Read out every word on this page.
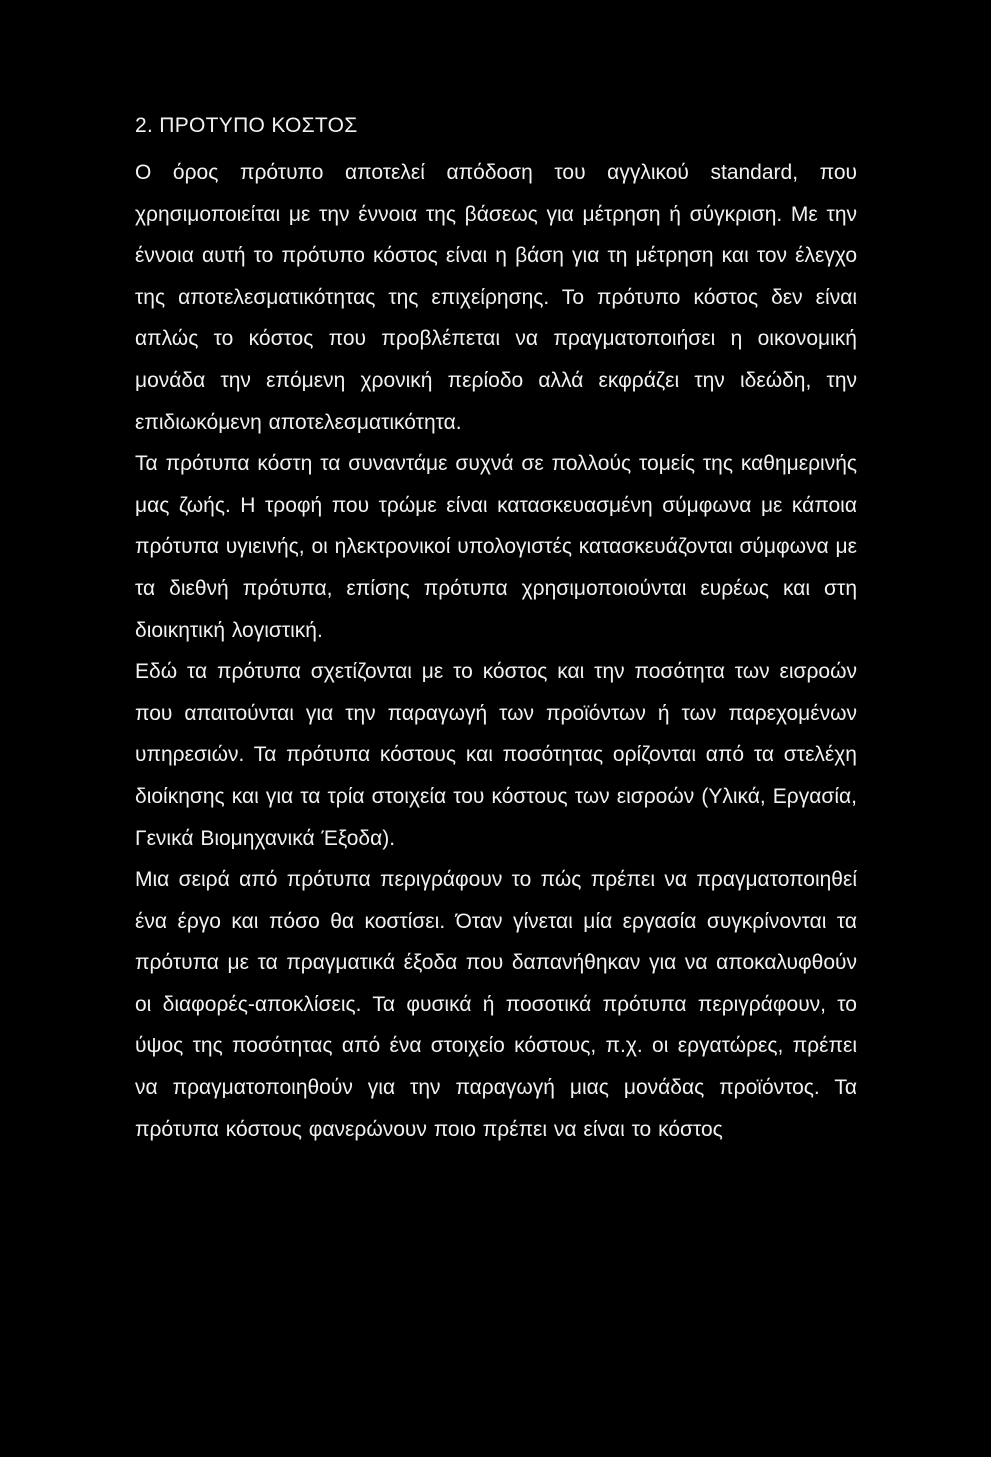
2. ΠΡΟΤΥΠΟ ΚΟΣΤΟΣ

Ο όρος πρότυπο αποτελεί απόδοση του αγγλικού standard, που χρησιμοποιείται με την έννοια της βάσεως για μέτρηση ή σύγκριση. Με την έννοια αυτή το πρότυπο κόστος είναι η βάση για τη μέτρηση και τον έλεγχο της αποτελεσματικότητας της επιχείρησης. Το πρότυπο κόστος δεν είναι απλώς το κόστος που προβλέπεται να πραγματοποιήσει η οικονομική μονάδα την επόμενη χρονική περίοδο αλλά εκφράζει την ιδεώδη, την επιδιωκόμενη αποτελεσματικότητα.

Τα πρότυπα κόστη τα συναντάμε συχνά σε πολλούς τομείς της καθημερινής μας ζωής. Η τροφή που τρώμε είναι κατασκευασμένη σύμφωνα με κάποια πρότυπα υγιεινής, οι ηλεκτρονικοί υπολογιστές κατασκευάζονται σύμφωνα με τα διεθνή πρότυπα, επίσης πρότυπα χρησιμοποιούνται ευρέως και στη διοικητική λογιστική.

Εδώ τα πρότυπα σχετίζονται με το κόστος και την ποσότητα των εισροών που απαιτούνται για την παραγωγή των προϊόντων ή των παρεχομένων υπηρεσιών. Τα πρότυπα κόστους και ποσότητας ορίζονται από τα στελέχη διοίκησης και για τα τρία στοιχεία του κόστους των εισροών (Υλικά, Εργασία, Γενικά Βιομηχανικά Έξοδα).

Μια σειρά από πρότυπα περιγράφουν το πώς πρέπει να πραγματοποιηθεί ένα έργο και πόσο θα κοστίσει. Όταν γίνεται μία εργασία συγκρίνονται τα πρότυπα με τα πραγματικά έξοδα που δαπανήθηκαν για να αποκαλυφθούν οι διαφορές-αποκλίσεις. Τα φυσικά ή ποσοτικά πρότυπα περιγράφουν, το ύψος της ποσότητας από ένα στοιχείο κόστους, π.χ. οι εργατώρες, πρέπει να πραγματοποιηθούν για την παραγωγή μιας μονάδας προϊόντος. Τα πρότυπα κόστους φανερώνουν ποιο πρέπει να είναι το κόστος
